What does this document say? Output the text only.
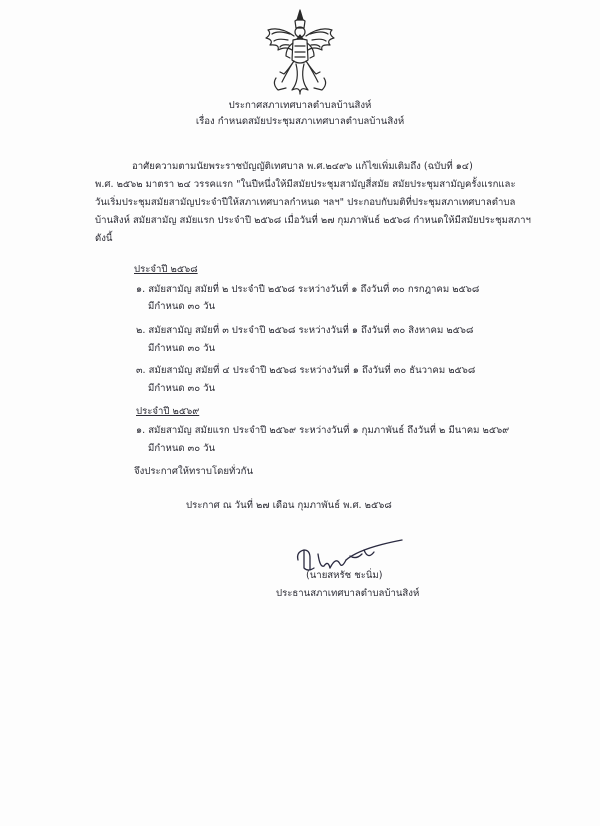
ประกาศสภาเทศบาลตำบลบ้านสิงห์
เรื่อง กำหนดสมัยประชุมสภาเทศบาลตำบลบ้านสิงห์
อาศัยความตามนัยพระราชบัญญัติเทศบาล พ.ศ.๒๔๙๖ แก้ไขเพิ่มเติมถึง (ฉบับที่ ๑๔)
พ.ศ. ๒๕๖๒ มาตรา ๒๔ วรรคแรก "ในปีหนึ่งให้มีสมัยประชุมสามัญสี่สมัย สมัยประชุมสามัญครั้งแรกและ
วันเริ่มประชุมสมัยสามัญประจำปีให้สภาเทศบาลกำหนด ฯลฯ" ประกอบกับมติที่ประชุมสภาเทศบาลตำบล
บ้านสิงห์ สมัยสามัญ สมัยแรก ประจำปี ๒๕๖๘ เมื่อวันที่ ๒๗ กุมภาพันธ์ ๒๕๖๘ กำหนดให้มีสมัยประชุมสภาฯ
ดังนี้
ประจำปี ๒๕๖๘
๑. สมัยสามัญ สมัยที่ ๒ ประจำปี ๒๕๖๘ ระหว่างวันที่ ๑ ถึงวันที่ ๓๐ กรกฎาคม ๒๕๖๘
มีกำหนด ๓๐ วัน
๒. สมัยสามัญ สมัยที่ ๓ ประจำปี ๒๕๖๘ ระหว่างวันที่ ๑ ถึงวันที่ ๓๐ สิงหาคม ๒๕๖๘
มีกำหนด ๓๐ วัน
๓. สมัยสามัญ สมัยที่ ๔ ประจำปี ๒๕๖๘ ระหว่างวันที่ ๑ ถึงวันที่ ๓๐ ธันวาคม ๒๕๖๘
มีกำหนด ๓๐ วัน
ประจำปี ๒๕๖๙
๑. สมัยสามัญ สมัยแรก ประจำปี ๒๕๖๙ ระหว่างวันที่ ๑ กุมภาพันธ์ ถึงวันที่ ๒ มีนาคม ๒๕๖๙
มีกำหนด ๓๐ วัน
จึงประกาศให้ทราบโดยทั่วกัน
ประกาศ ณ วันที่ ๒๗ เดือน กุมภาพันธ์ พ.ศ. ๒๕๖๘
(นายสหรัช ชะนิ่ม)
ประธานสภาเทศบาลตำบลบ้านสิงห์
